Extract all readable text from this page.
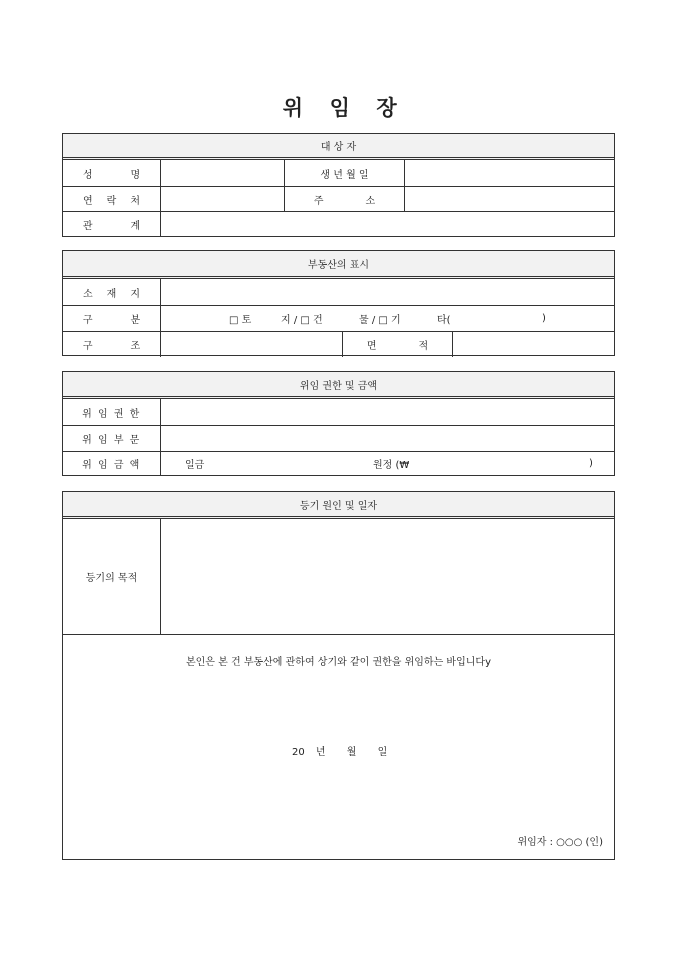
위 임 장
대 상 자
성	명	생 년 월 일
연 락 처	주	소
관	계
부동산의 표시
소 재 지
구	분	□ 토	지 / □ 건	물 / □ 기	타(	)
구	조	면	적
위임 권한 및 금액
위 임 권 한
위 임 부 문
위 임 금 액	일금	원정 (₩	)
등기 원인 및 일자
등기의 목적
본인은 본 건 부동산에 관하여 상기와 같이 권한을 위임하는 바입니다y
20 년 월 일
위임자 : ○○○ (인)
